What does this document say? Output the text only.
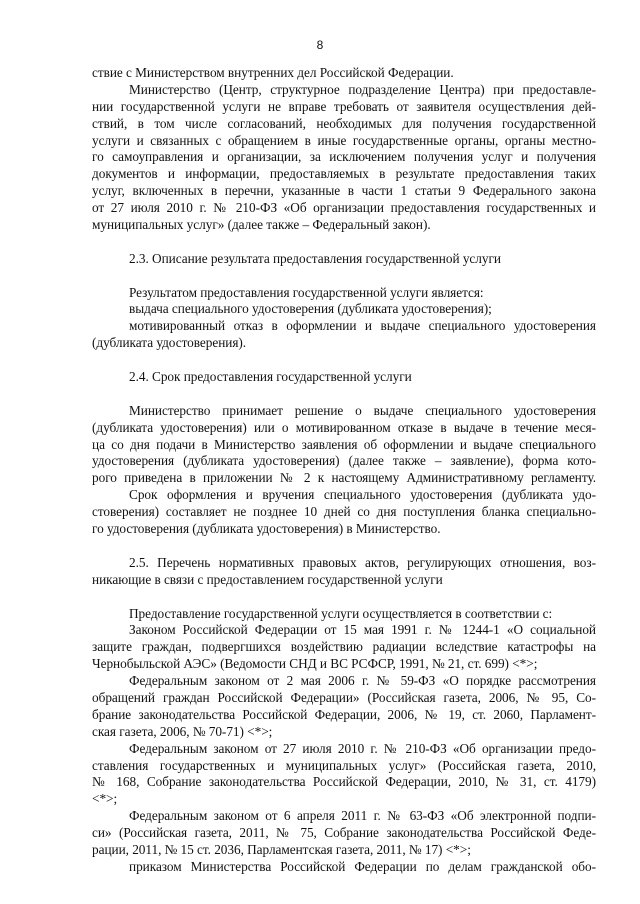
8
ствие с Министерством внутренних дел Российской Федерации.
Министерство (Центр, структурное подразделение Центра) при предоставле-
нии государственной услуги не вправе требовать от заявителя осуществления дей-
ствий, в том числе согласований, необходимых для получения государственной
услуги и связанных с обращением в иные государственные органы, органы местно-
го самоуправления и организации, за исключением получения услуг и получения
документов и информации, предоставляемых в результате предоставления таких
услуг, включенных в перечни, указанные в части 1 статьи 9 Федерального закона
от 27 июля 2010 г. № 210-ФЗ «Об организации предоставления государственных и
муниципальных услуг» (далее также – Федеральный закон).
2.3. Описание результата предоставления государственной услуги
Результатом предоставления государственной услуги является:
выдача специального удостоверения (дубликата удостоверения);
мотивированный отказ в оформлении и выдаче специального удостоверения
(дубликата удостоверения).
2.4. Срок предоставления государственной услуги
Министерство принимает решение о выдаче специального удостоверения
(дубликата удостоверения) или о мотивированном отказе в выдаче в течение меся-
ца со дня подачи в Министерство заявления об оформлении и выдаче специального
удостоверения (дубликата удостоверения) (далее также – заявление), форма кото-
рого приведена в приложении № 2 к настоящему Административному регламенту.
Срок оформления и вручения специального удостоверения (дубликата удо-
стоверения) составляет не позднее 10 дней со дня поступления бланка специально-
го удостоверения (дубликата удостоверения) в Министерство.
2.5. Перечень нормативных правовых актов, регулирующих отношения, воз-
никающие в связи с предоставлением государственной услуги
Предоставление государственной услуги осуществляется в соответствии с:
Законом Российской Федерации от 15 мая 1991 г. № 1244-1 «О социальной
защите граждан, подвергшихся воздействию радиации вследствие катастрофы на
Чернобыльской АЭС» (Ведомости СНД и ВС РСФСР, 1991, № 21, ст. 699) <*>;
Федеральным законом от 2 мая 2006 г. № 59-ФЗ «О порядке рассмотрения
обращений граждан Российской Федерации» (Российская газета, 2006, № 95, Со-
брание законодательства Российской Федерации, 2006, № 19, ст. 2060, Парламент-
ская газета, 2006, № 70-71) <*>;
Федеральным законом от 27 июля 2010 г. № 210-ФЗ «Об организации предо-
ставления государственных и муниципальных услуг» (Российская газета, 2010,
№ 168, Собрание законодательства Российской Федерации, 2010, № 31, ст. 4179)
<*>;
Федеральным законом от 6 апреля 2011 г. № 63-ФЗ «Об электронной подпи-
си» (Российская газета, 2011, № 75, Собрание законодательства Российской Феде-
рации, 2011, № 15 ст. 2036, Парламентская газета, 2011, № 17) <*>;
приказом Министерства Российской Федерации по делам гражданской обо-
